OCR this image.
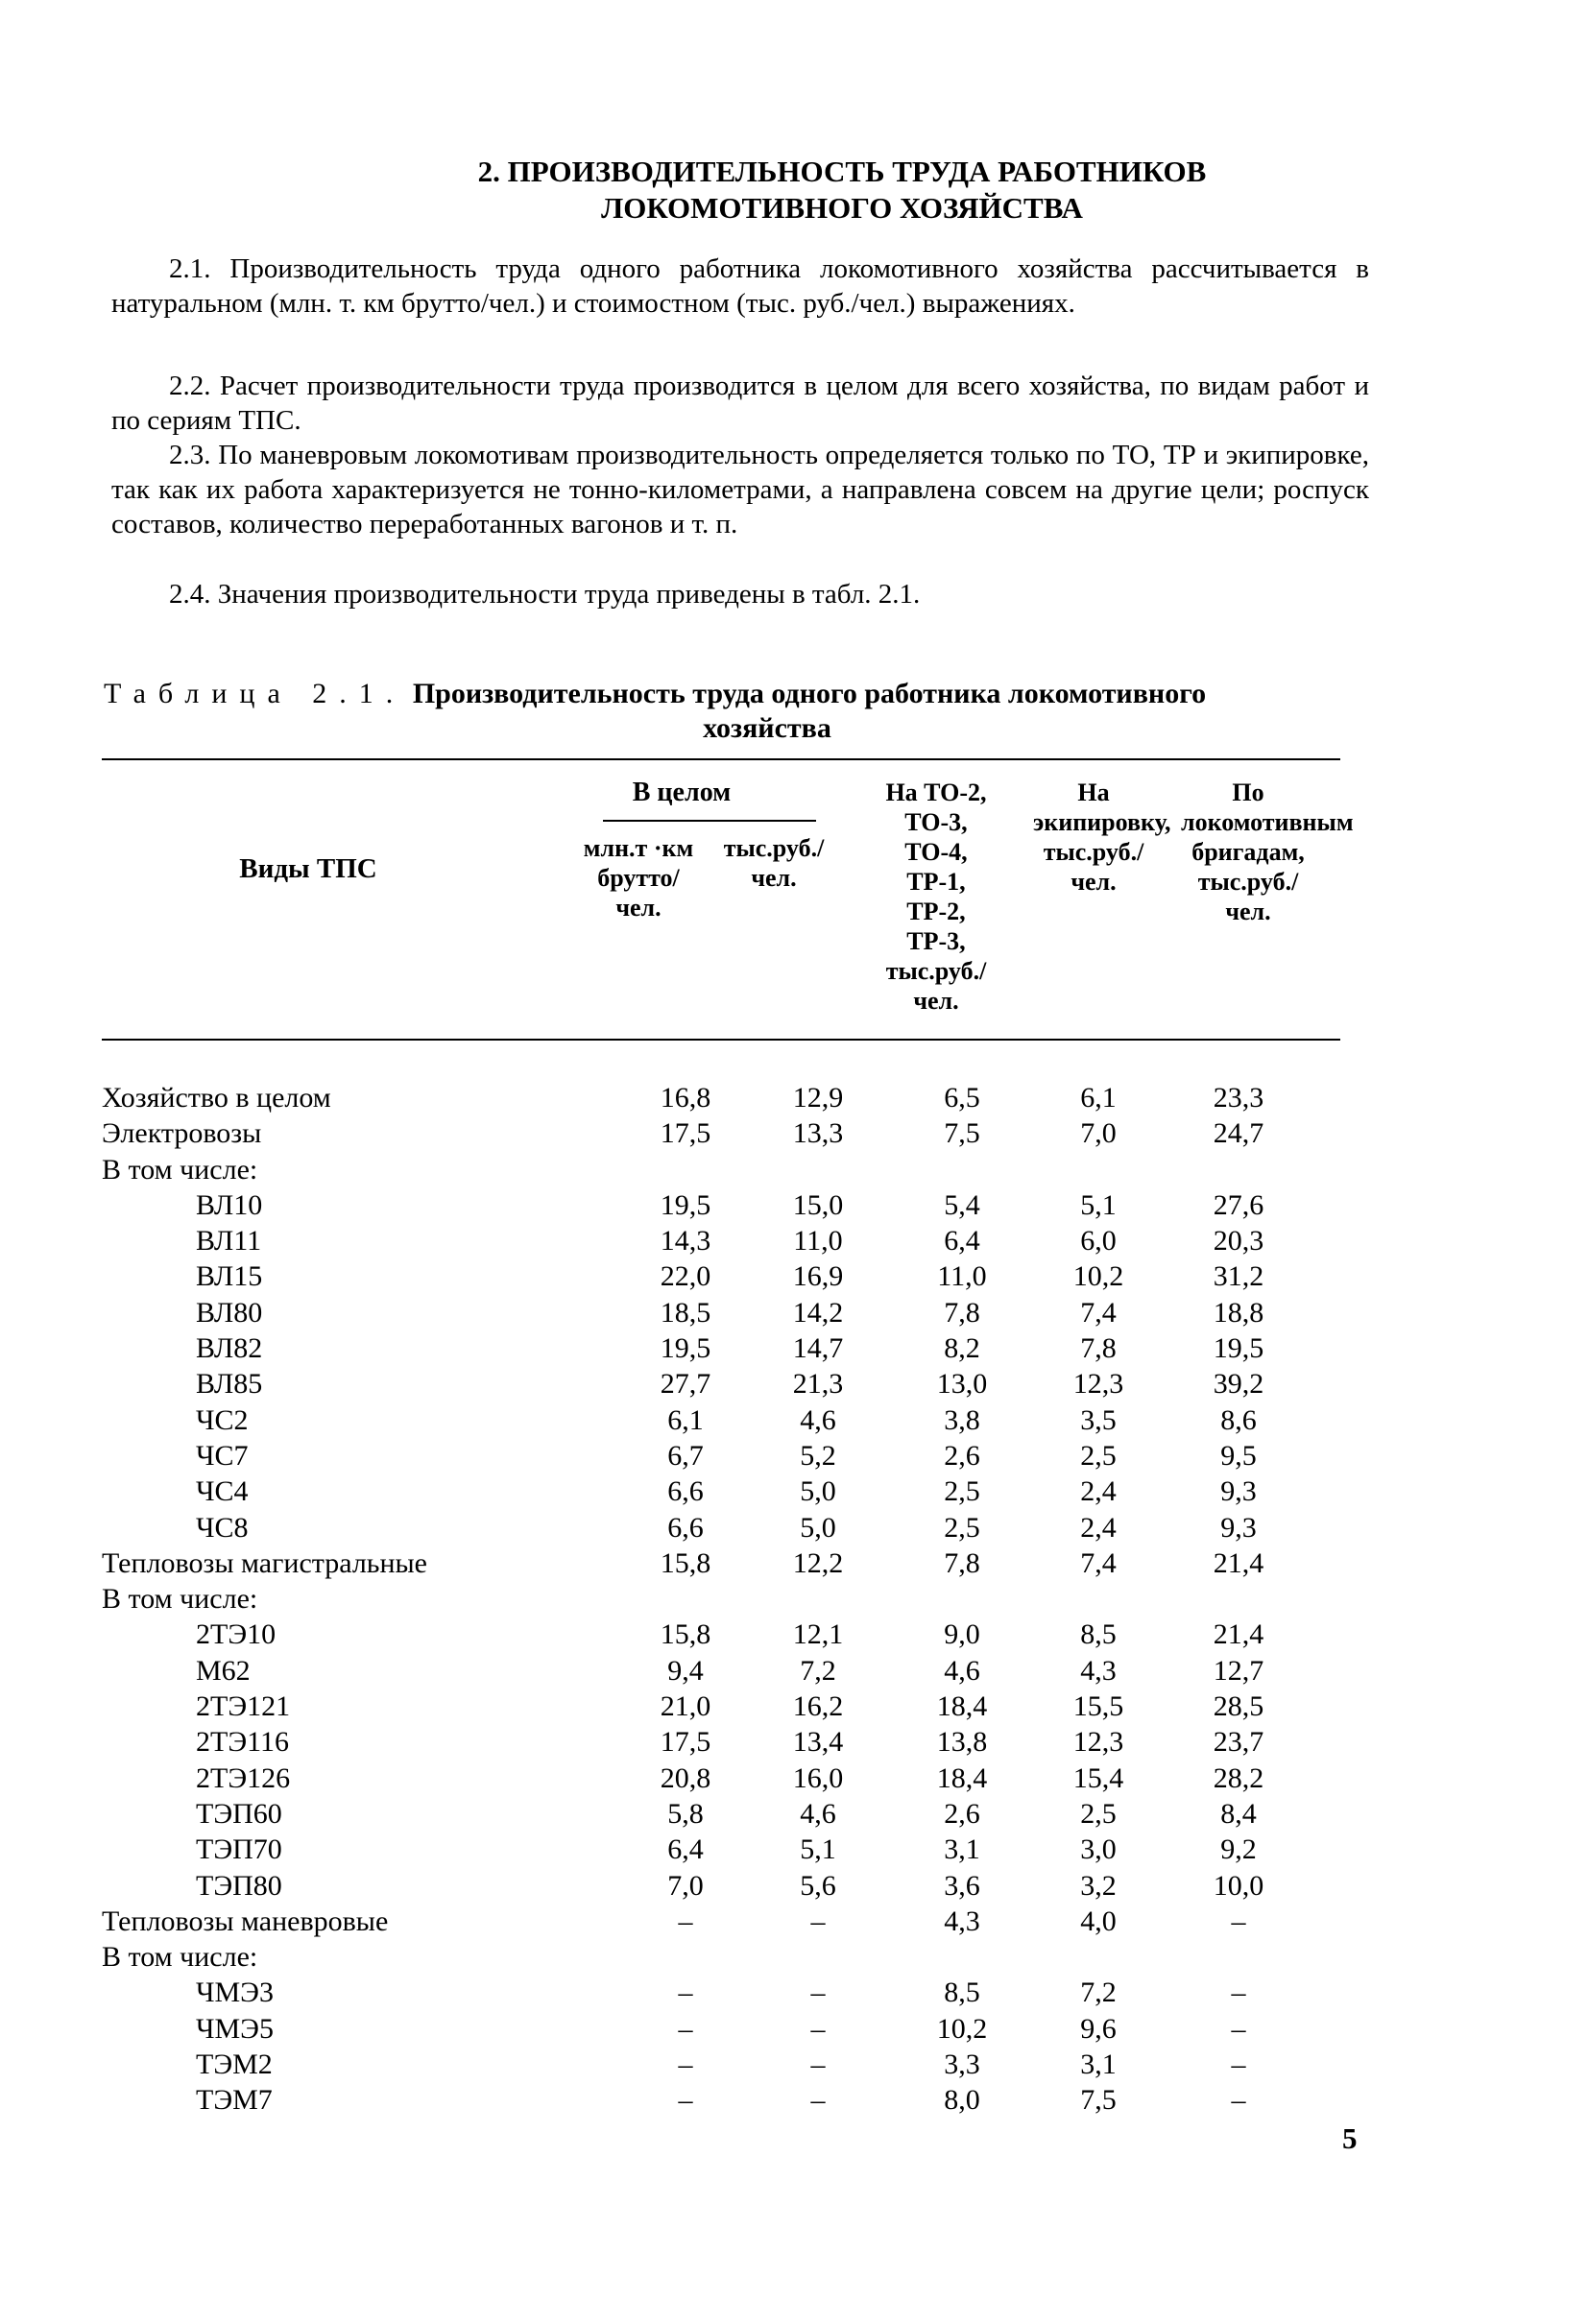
2. ПРОИЗВОДИТЕЛЬНОСТЬ ТРУДА РАБОТНИКОВ
ЛОКОМОТИВНОГО ХОЗЯЙСТВА
2.1. Производительность труда одного работника локомотивного хозяйства рассчитывается в натуральном (млн. т. км брутто/чел.) и стоимостном (тыс. руб./чел.) выражениях.
2.2. Расчет производительности труда производится в целом для всего хозяйства, по видам работ и по сериям ТПС.
2.3. По маневровым локомотивам производительность определяется только по ТО, ТР и экипировке, так как их работа характеризуется не тонно-километрами, а направлена совсем на другие цели; роспуск составов, количество переработанных вагонов и т. п.
2.4. Значения производительности труда приведены в табл. 2.1.
Таблица 2.1. Производительность труда одного работника локомотивного
хозяйства
Виды ТПС
В целом
млн.т ·км брутто/ чел.
тыс.руб./ чел.
На ТО-2, ТО-3, ТО-4, ТР-1, ТР-2, ТР-3, тыс.руб./ чел.
На экипировку, тыс.руб./ чел.
По локомотивным бригадам, тыс.руб./ чел.
Хозяйство в целом	16,8	12,9	6,5	6,1	23,3
Электровозы	17,5	13,3	7,5	7,0	24,7
В том числе:
ВЛ10	19,5	15,0	5,4	5,1	27,6
ВЛ11	14,3	11,0	6,4	6,0	20,3
ВЛ15	22,0	16,9	11,0	10,2	31,2
ВЛ80	18,5	14,2	7,8	7,4	18,8
ВЛ82	19,5	14,7	8,2	7,8	19,5
ВЛ85	27,7	21,3	13,0	12,3	39,2
ЧС2	6,1	4,6	3,8	3,5	8,6
ЧС7	6,7	5,2	2,6	2,5	9,5
ЧС4	6,6	5,0	2,5	2,4	9,3
ЧС8	6,6	5,0	2,5	2,4	9,3
Тепловозы магистральные	15,8	12,2	7,8	7,4	21,4
В том числе:
2ТЭ10	15,8	12,1	9,0	8,5	21,4
М62	9,4	7,2	4,6	4,3	12,7
2ТЭ121	21,0	16,2	18,4	15,5	28,5
2ТЭ116	17,5	13,4	13,8	12,3	23,7
2ТЭ126	20,8	16,0	18,4	15,4	28,2
ТЭП60	5,8	4,6	2,6	2,5	8,4
ТЭП70	6,4	5,1	3,1	3,0	9,2
ТЭП80	7,0	5,6	3,6	3,2	10,0
Тепловозы маневровые	–	–	4,3	4,0	–
В том числе:
ЧМЭ3	–	–	8,5	7,2	–
ЧМЭ5	–	–	10,2	9,6	–
ТЭМ2	–	–	3,3	3,1	–
ТЭМ7	–	–	8,0	7,5	–
5
